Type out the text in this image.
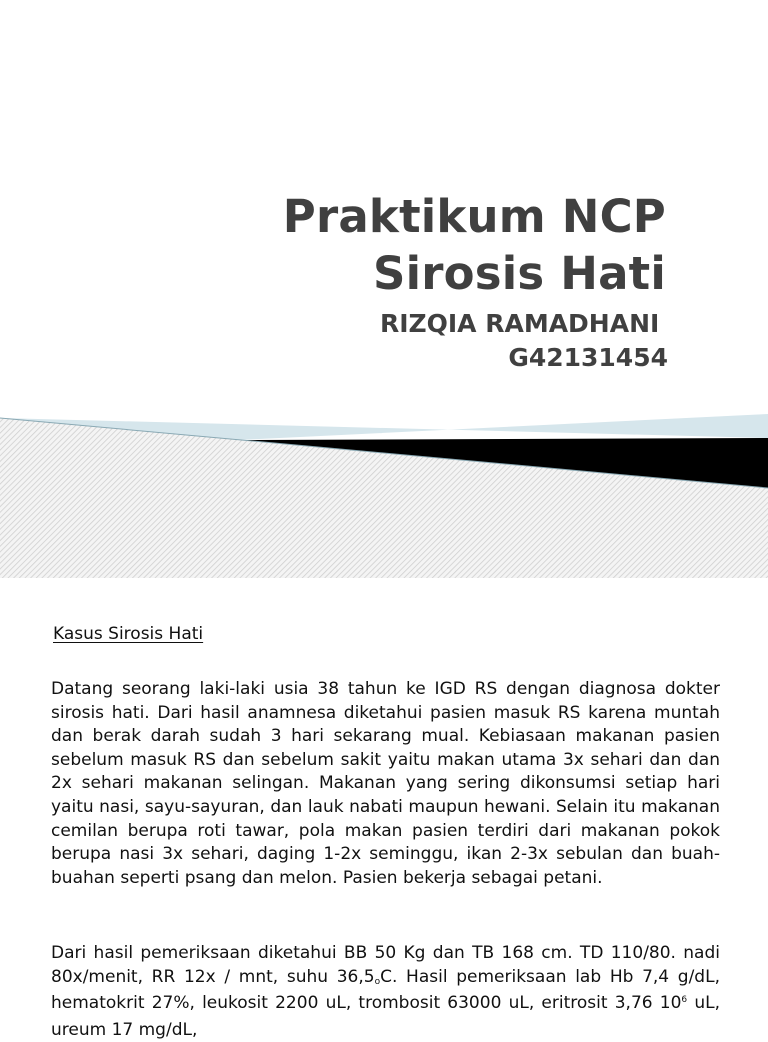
Praktikum NCP
Sirosis Hati
RIZQIA RAMADHANI
G42131454
Kasus Sirosis Hati

Datang seorang laki-laki usia 38 tahun ke IGD RS dengan diagnosa dokter sirosis hati. Dari hasil anamnesa diketahui pasien masuk RS karena muntah dan berak darah sudah 3 hari sekarang mual. Kebiasaan makanan pasien sebelum masuk RS dan sebelum sakit yaitu makan utama 3x sehari dan dan 2x sehari makanan selingan. Makanan yang sering dikonsumsi setiap hari yaitu nasi, sayu-sayuran, dan lauk nabati maupun hewani. Selain itu makanan cemilan berupa roti tawar, pola makan pasien terdiri dari makanan pokok berupa nasi 3x sehari, daging 1-2x seminggu, ikan 2-3x sebulan dan buah-buahan seperti psang dan melon. Pasien bekerja sebagai petani.

Dari hasil pemeriksaan diketahui BB 50 Kg dan TB 168 cm. TD 110/80. nadi 80x/menit, RR 12x / mnt, suhu 36,5oC. Hasil pemeriksaan lab Hb 7,4 g/dL, hematokrit 27%, leukosit 2200 uL, trombosit 63000 uL, eritrosit 3,76 $10^6$ uL, ureum 17 mg/dL,
